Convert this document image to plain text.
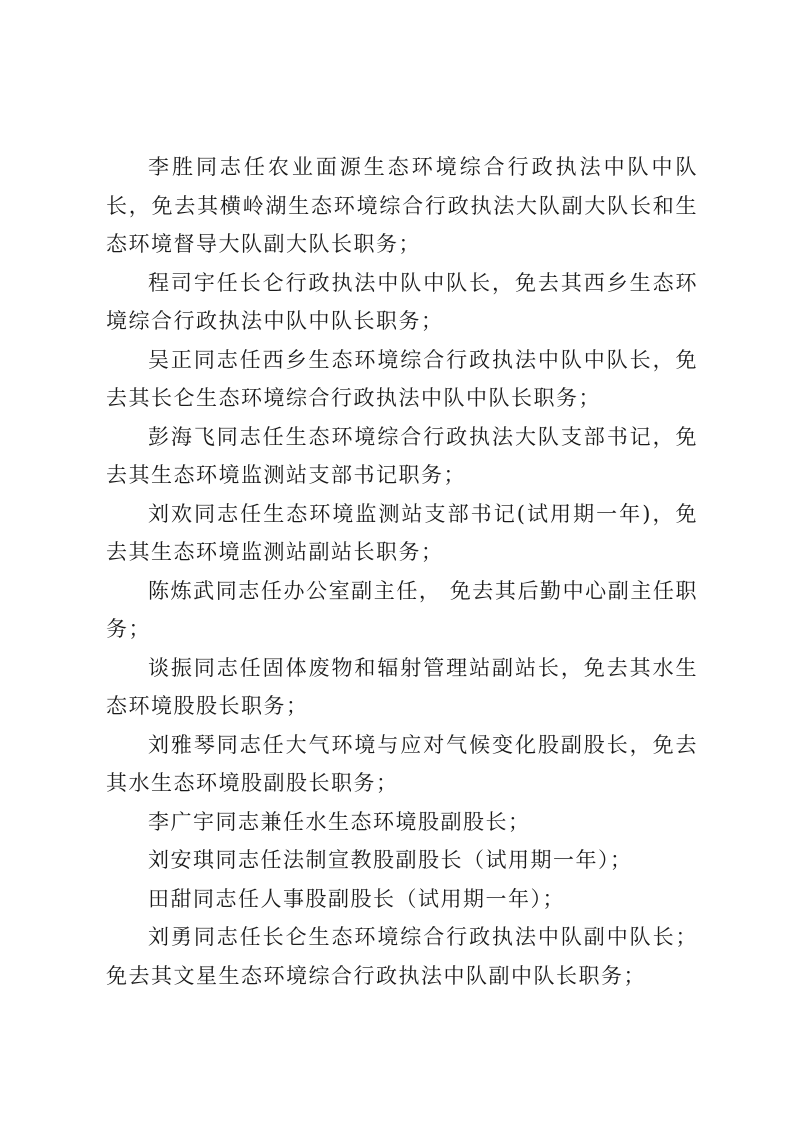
李胜同志任农业面源生态环境综合行政执法中队中队长，免去其横岭湖生态环境综合行政执法大队副大队长和生态环境督导大队副大队长职务；

程司宇任长仑行政执法中队中队长，免去其西乡生态环境综合行政执法中队中队长职务；

吴正同志任西乡生态环境综合行政执法中队中队长，免去其长仑生态环境综合行政执法中队中队长职务；

彭海飞同志任生态环境综合行政执法大队支部书记，免去其生态环境监测站支部书记职务；

刘欢同志任生态环境监测站支部书记(试用期一年)，免去其生态环境监测站副站长职务；

陈炼武同志任办公室副主任， 免去其后勤中心副主任职务；

谈振同志任固体废物和辐射管理站副站长，免去其水生态环境股股长职务；

刘雅琴同志任大气环境与应对气候变化股副股长，免去其水生态环境股副股长职务；

李广宇同志兼任水生态环境股副股长；

刘安琪同志任法制宣教股副股长（试用期一年）；

田甜同志任人事股副股长（试用期一年）；

刘勇同志任长仑生态环境综合行政执法中队副中队长； 免去其文星生态环境综合行政执法中队副中队长职务；
